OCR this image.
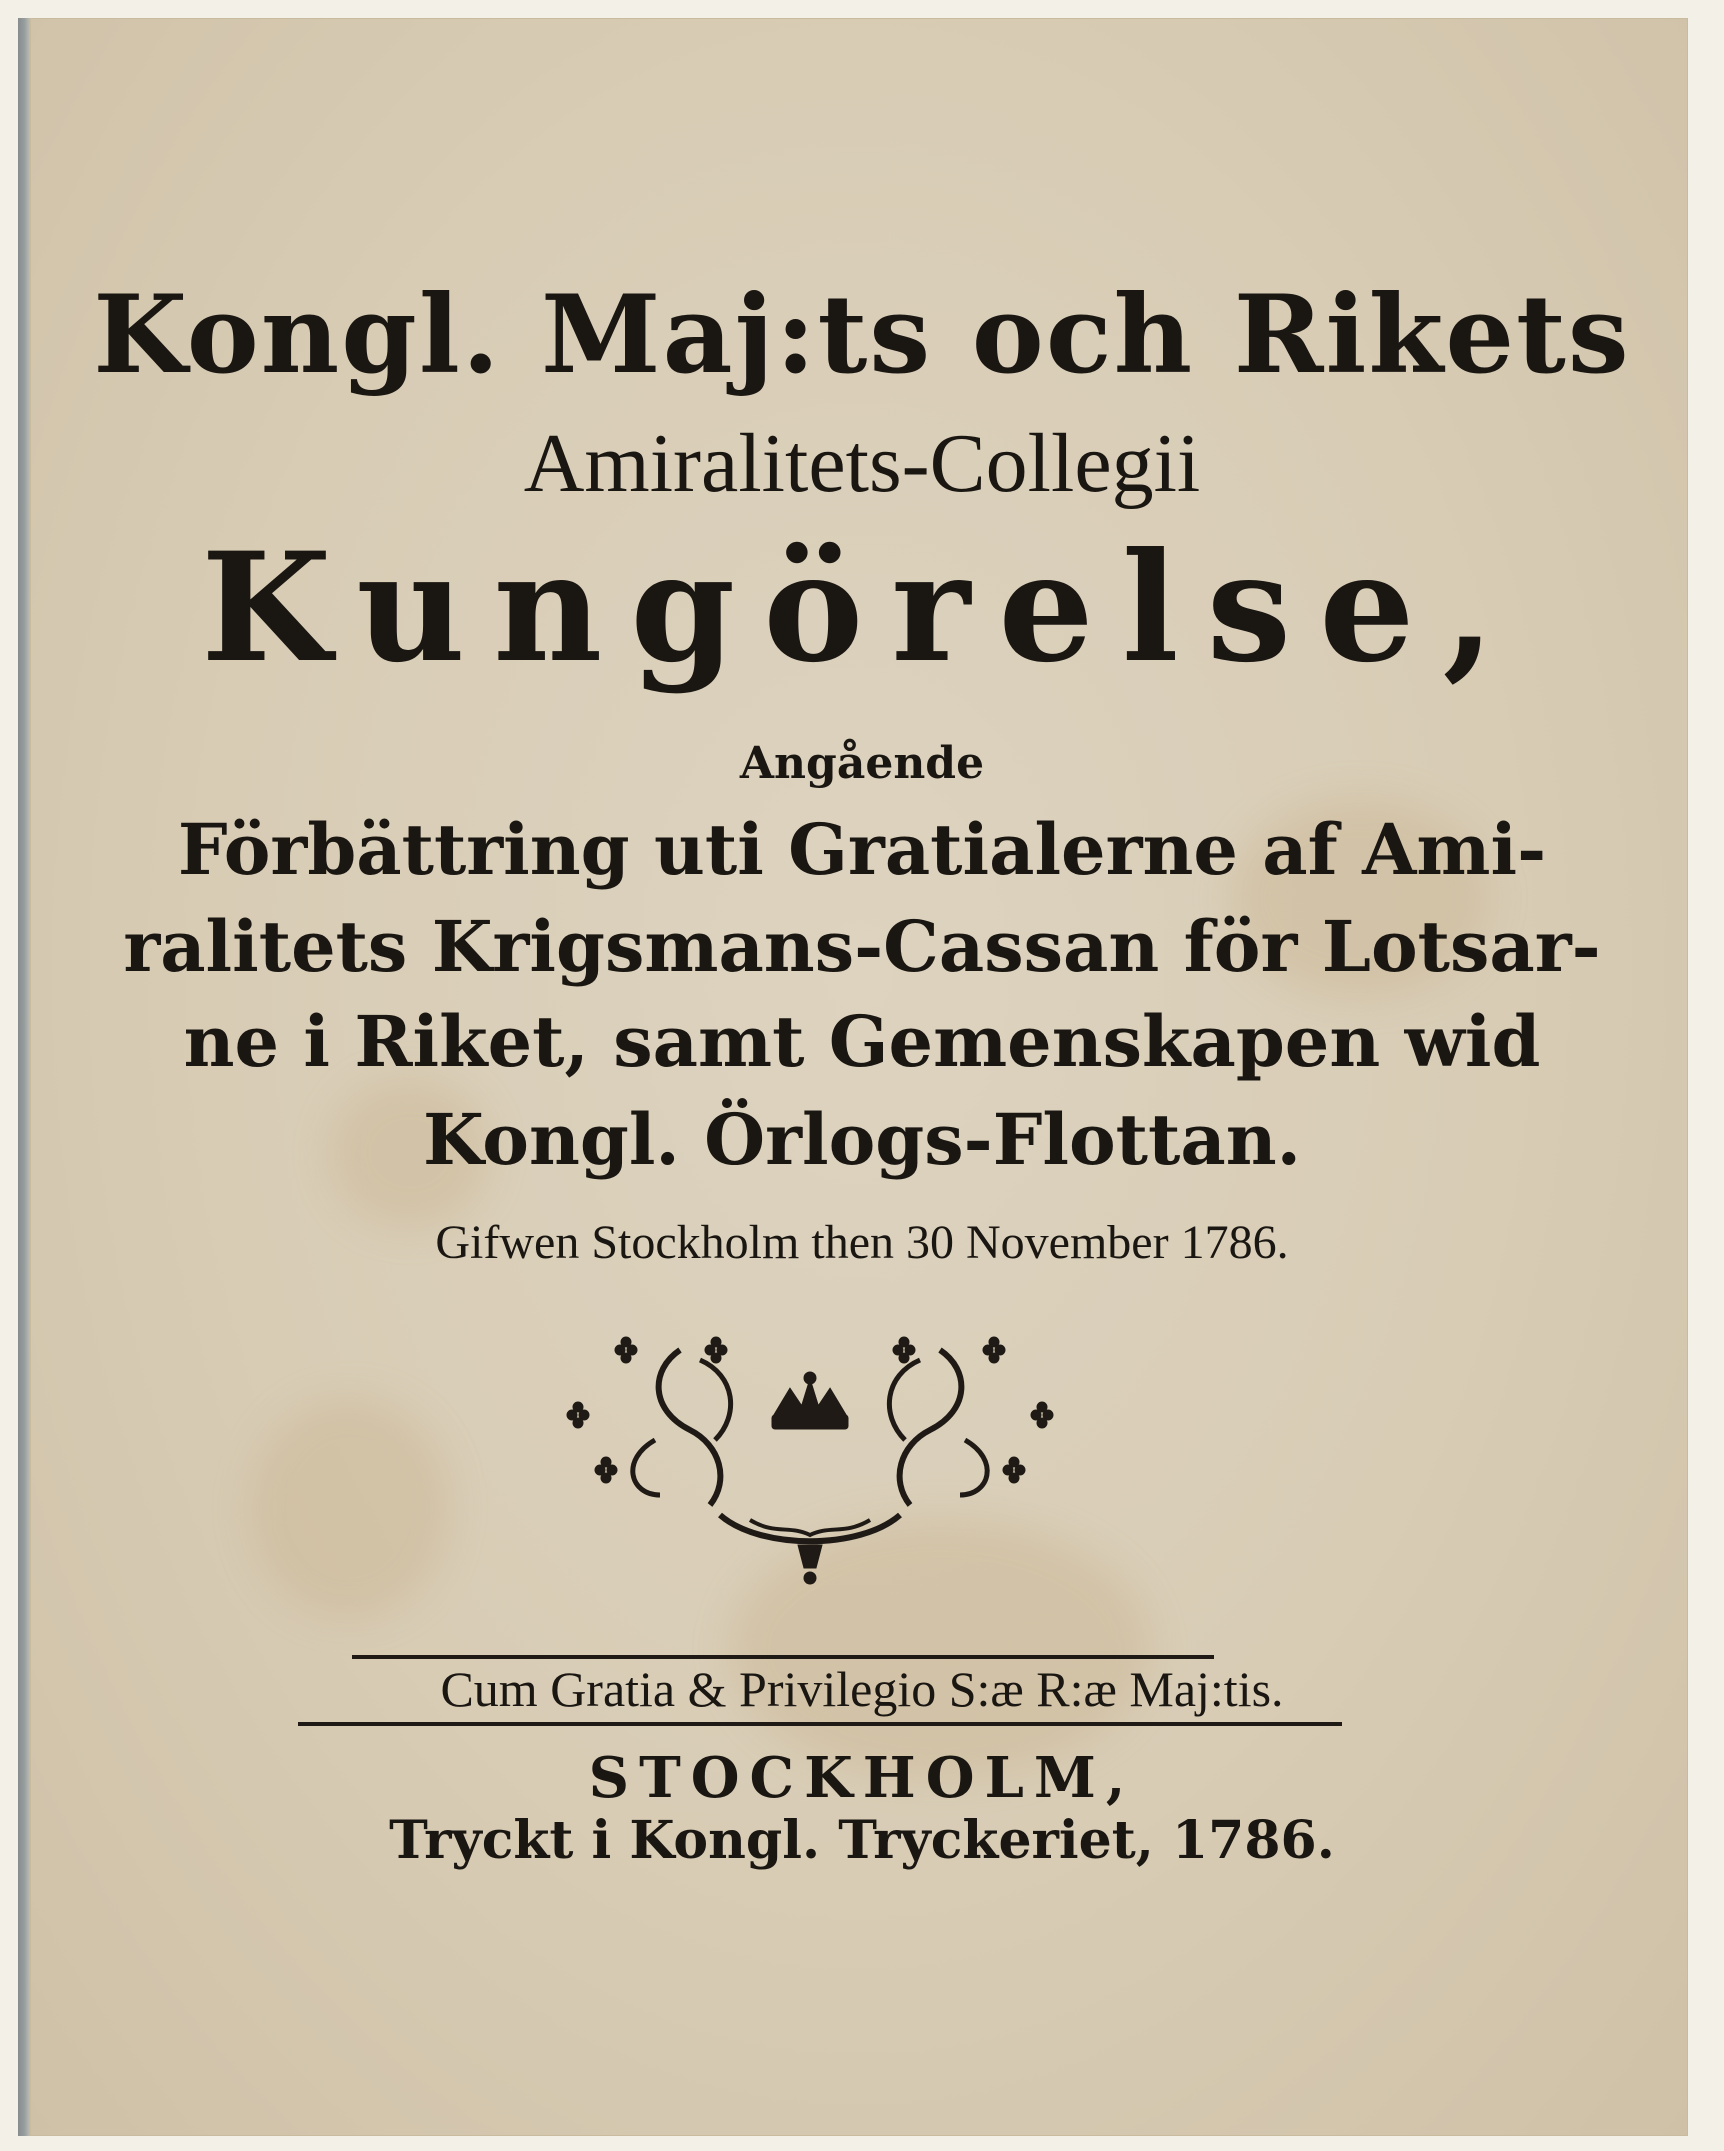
Kongl. Maj:ts och Rikets
Amiralitets-Collegii
Kungörelse,
Angående
Förbättring uti Gratialerne af Ami-
ralitets Krigsmans-Cassan för Lotsar-
ne i Riket, samt Gemenskapen wid
Kongl. Örlogs-Flottan.
Gifwen Stockholm then 30 November 1786.
Cum Gratia & Privilegio S:æ R:æ Maj:tis.
STOCKHOLM,
Tryckt i Kongl. Tryckeriet, 1786.
